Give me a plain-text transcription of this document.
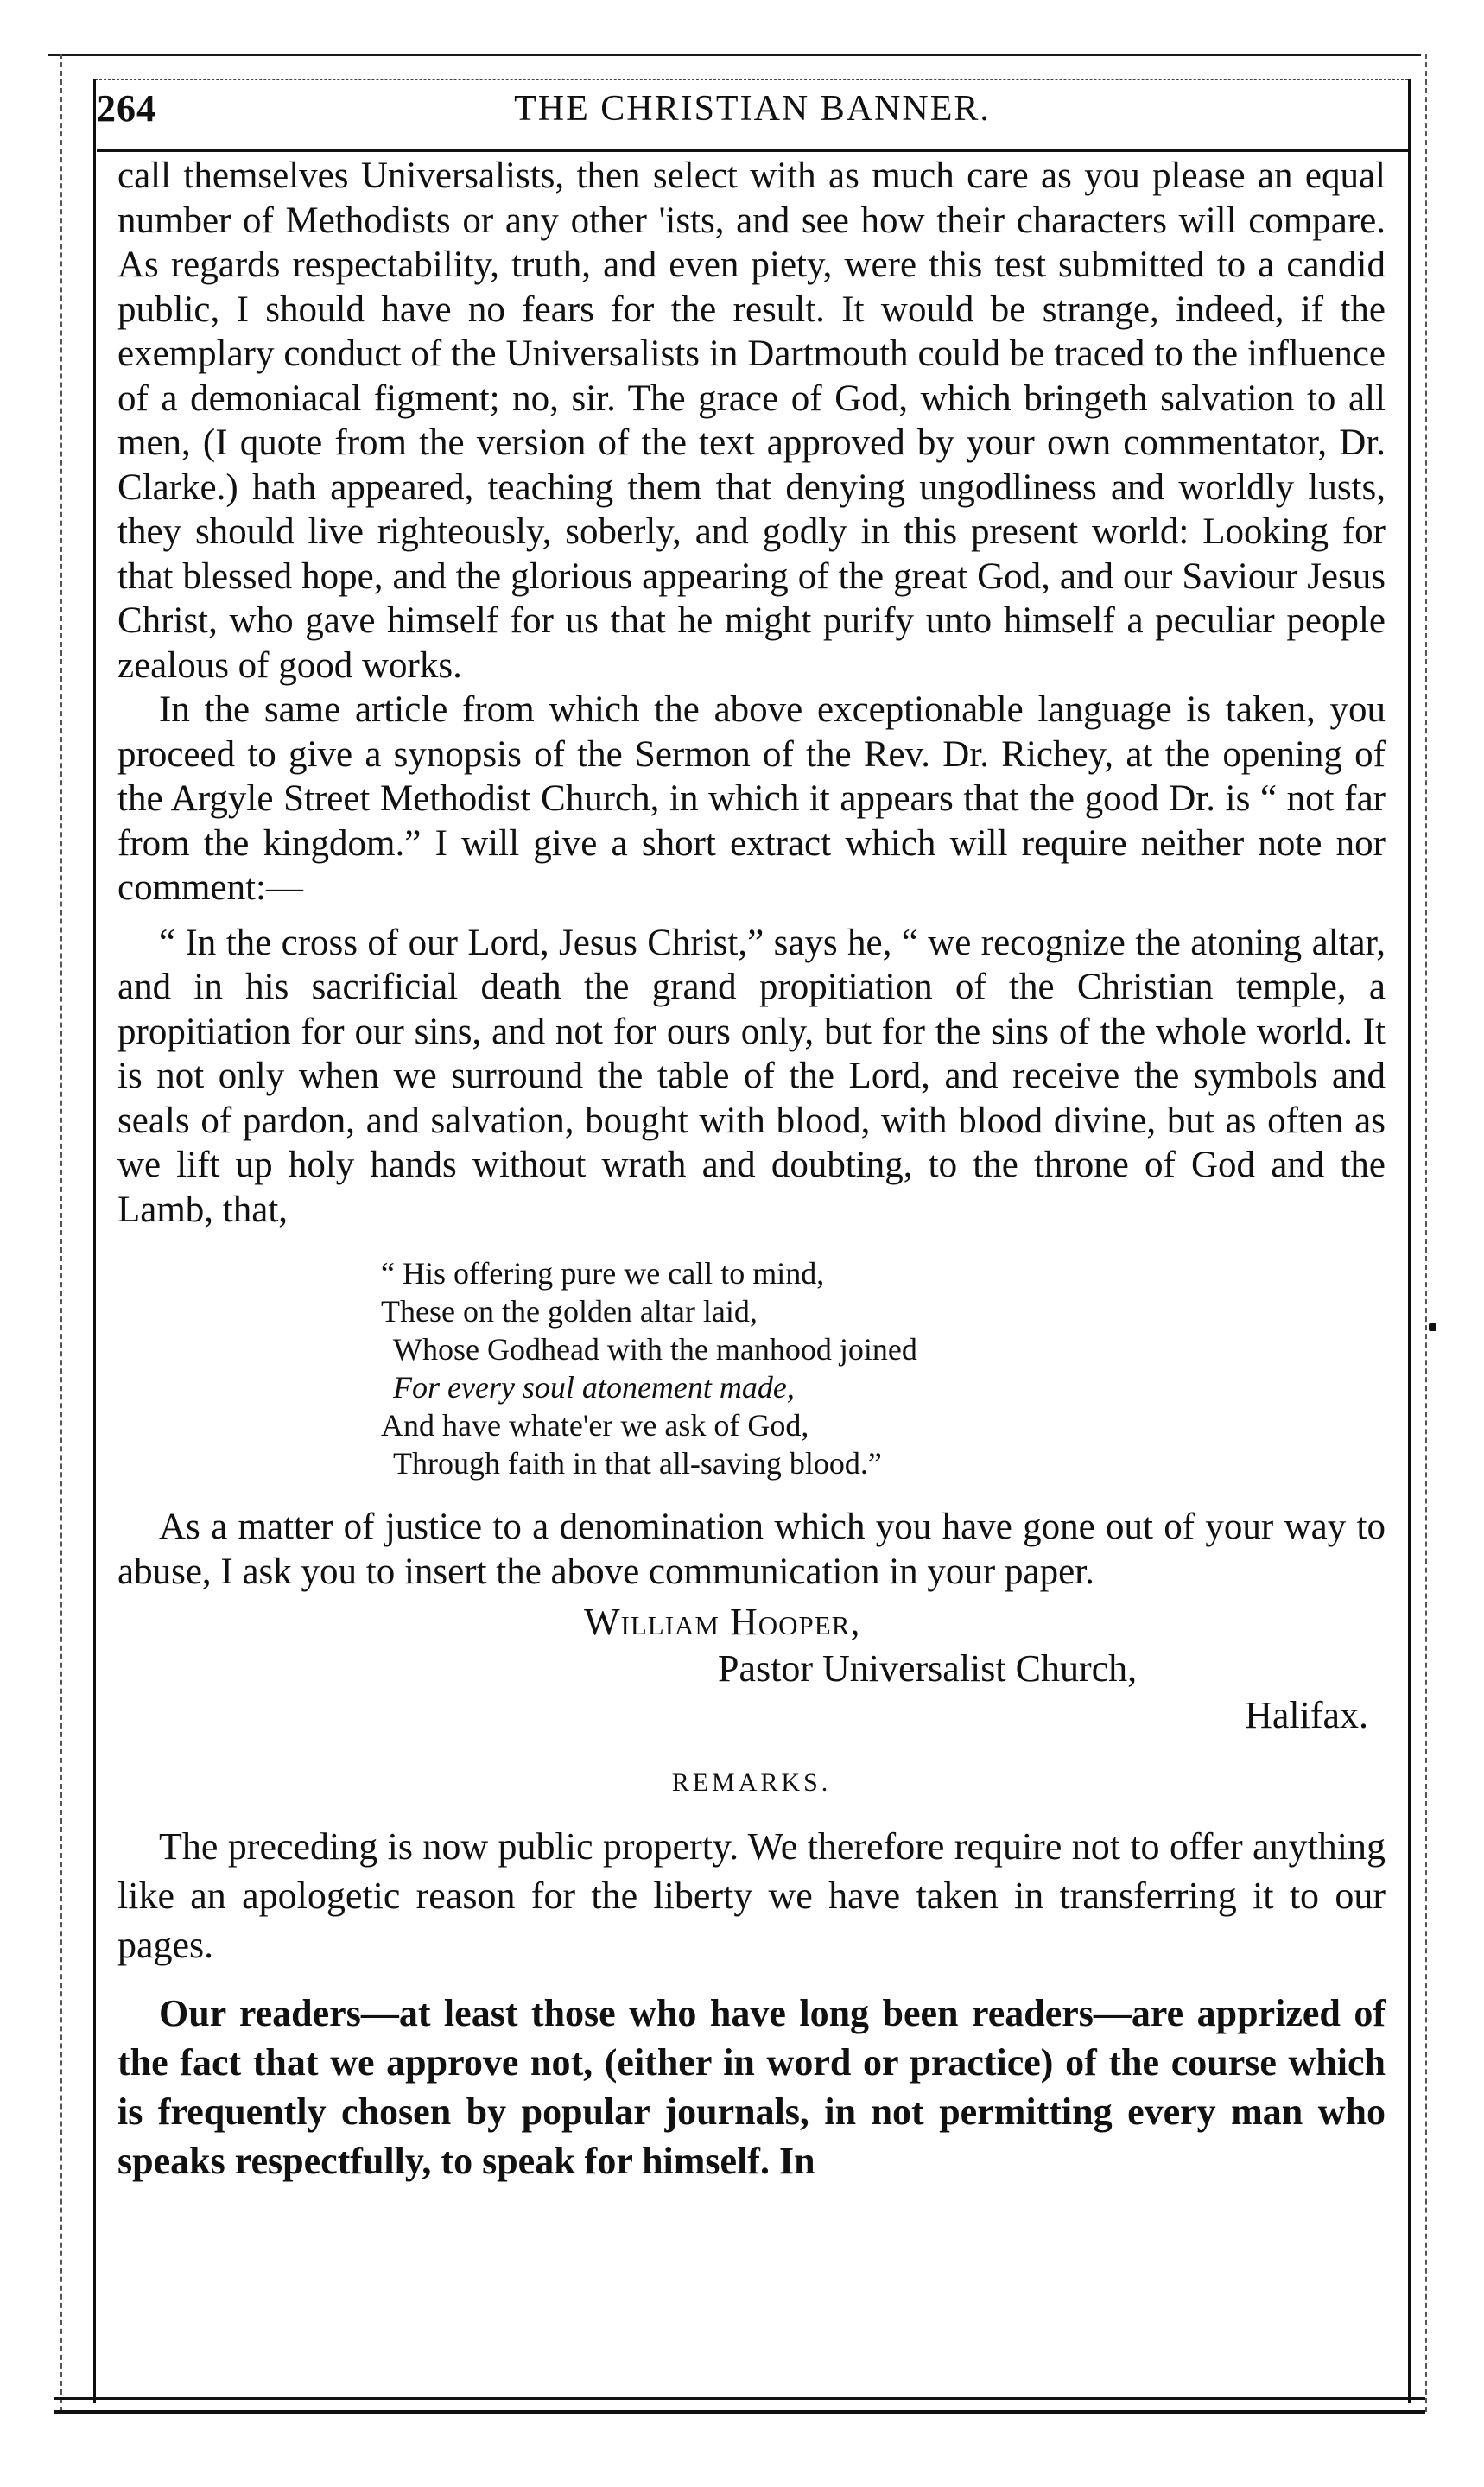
264	THE CHRISTIAN BANNER.

call themselves Universalists, then select with as much care as you please an equal number of Methodists or any other 'ists, and see how their characters will compare. As regards respectability, truth, and even piety, were this test submitted to a candid public, I should have no fears for the result. It would be strange, indeed, if the exemplary conduct of the Universalists in Dartmouth could be traced to the influence of a demoniacal figment; no, sir. The grace of God, which bringeth salvation to all men, (I quote from the version of the text approved by your own commentator, Dr. Clarke.) hath appeared, teaching them that denying ungodliness and worldly lusts, they should live righteously, soberly, and godly in this present world: Looking for that blessed hope, and the glorious appearing of the great God, and our Saviour Jesus Christ, who gave himself for us that he might purify unto himself a peculiar people zealous of good works.

In the same article from which the above exceptionable language is taken, you proceed to give a synopsis of the Sermon of the Rev. Dr. Richey, at the opening of the Argyle Street Methodist Church, in which it appears that the good Dr. is “ not far from the kingdom.” I will give a short extract which will require neither note nor comment:—

“ In the cross of our Lord, Jesus Christ,” says he, “ we recognize the atoning altar, and in his sacrificial death the grand propitiation of the Christian temple, a propitiation for our sins, and not for ours only, but for the sins of the whole world. It is not only when we surround the table of the Lord, and receive the symbols and seals of pardon, and salvation, bought with blood, with blood divine, but as often as we lift up holy hands without wrath and doubting, to the throne of God and the Lamb, that,

“ His offering pure we call to mind,
These on the golden altar laid,
Whose Godhead with the manhood joined
For every soul atonement made,
And have whate'er we ask of God,
Through faith in that all-saving blood.”

As a matter of justice to a denomination which you have gone out of your way to abuse, I ask you to insert the above communication in your paper.

William Hooper,
Pastor Universalist Church,
Halifax.
REMARKS.

The preceding is now public property. We therefore require not to offer anything like an apologetic reason for the liberty we have taken in transferring it to our pages.

Our readers—at least those who have long been readers—are apprized of the fact that we approve not, (either in word or practice) of the course which is frequently chosen by popular journals, in not permitting every man who speaks respectfully, to speak for himself. In
